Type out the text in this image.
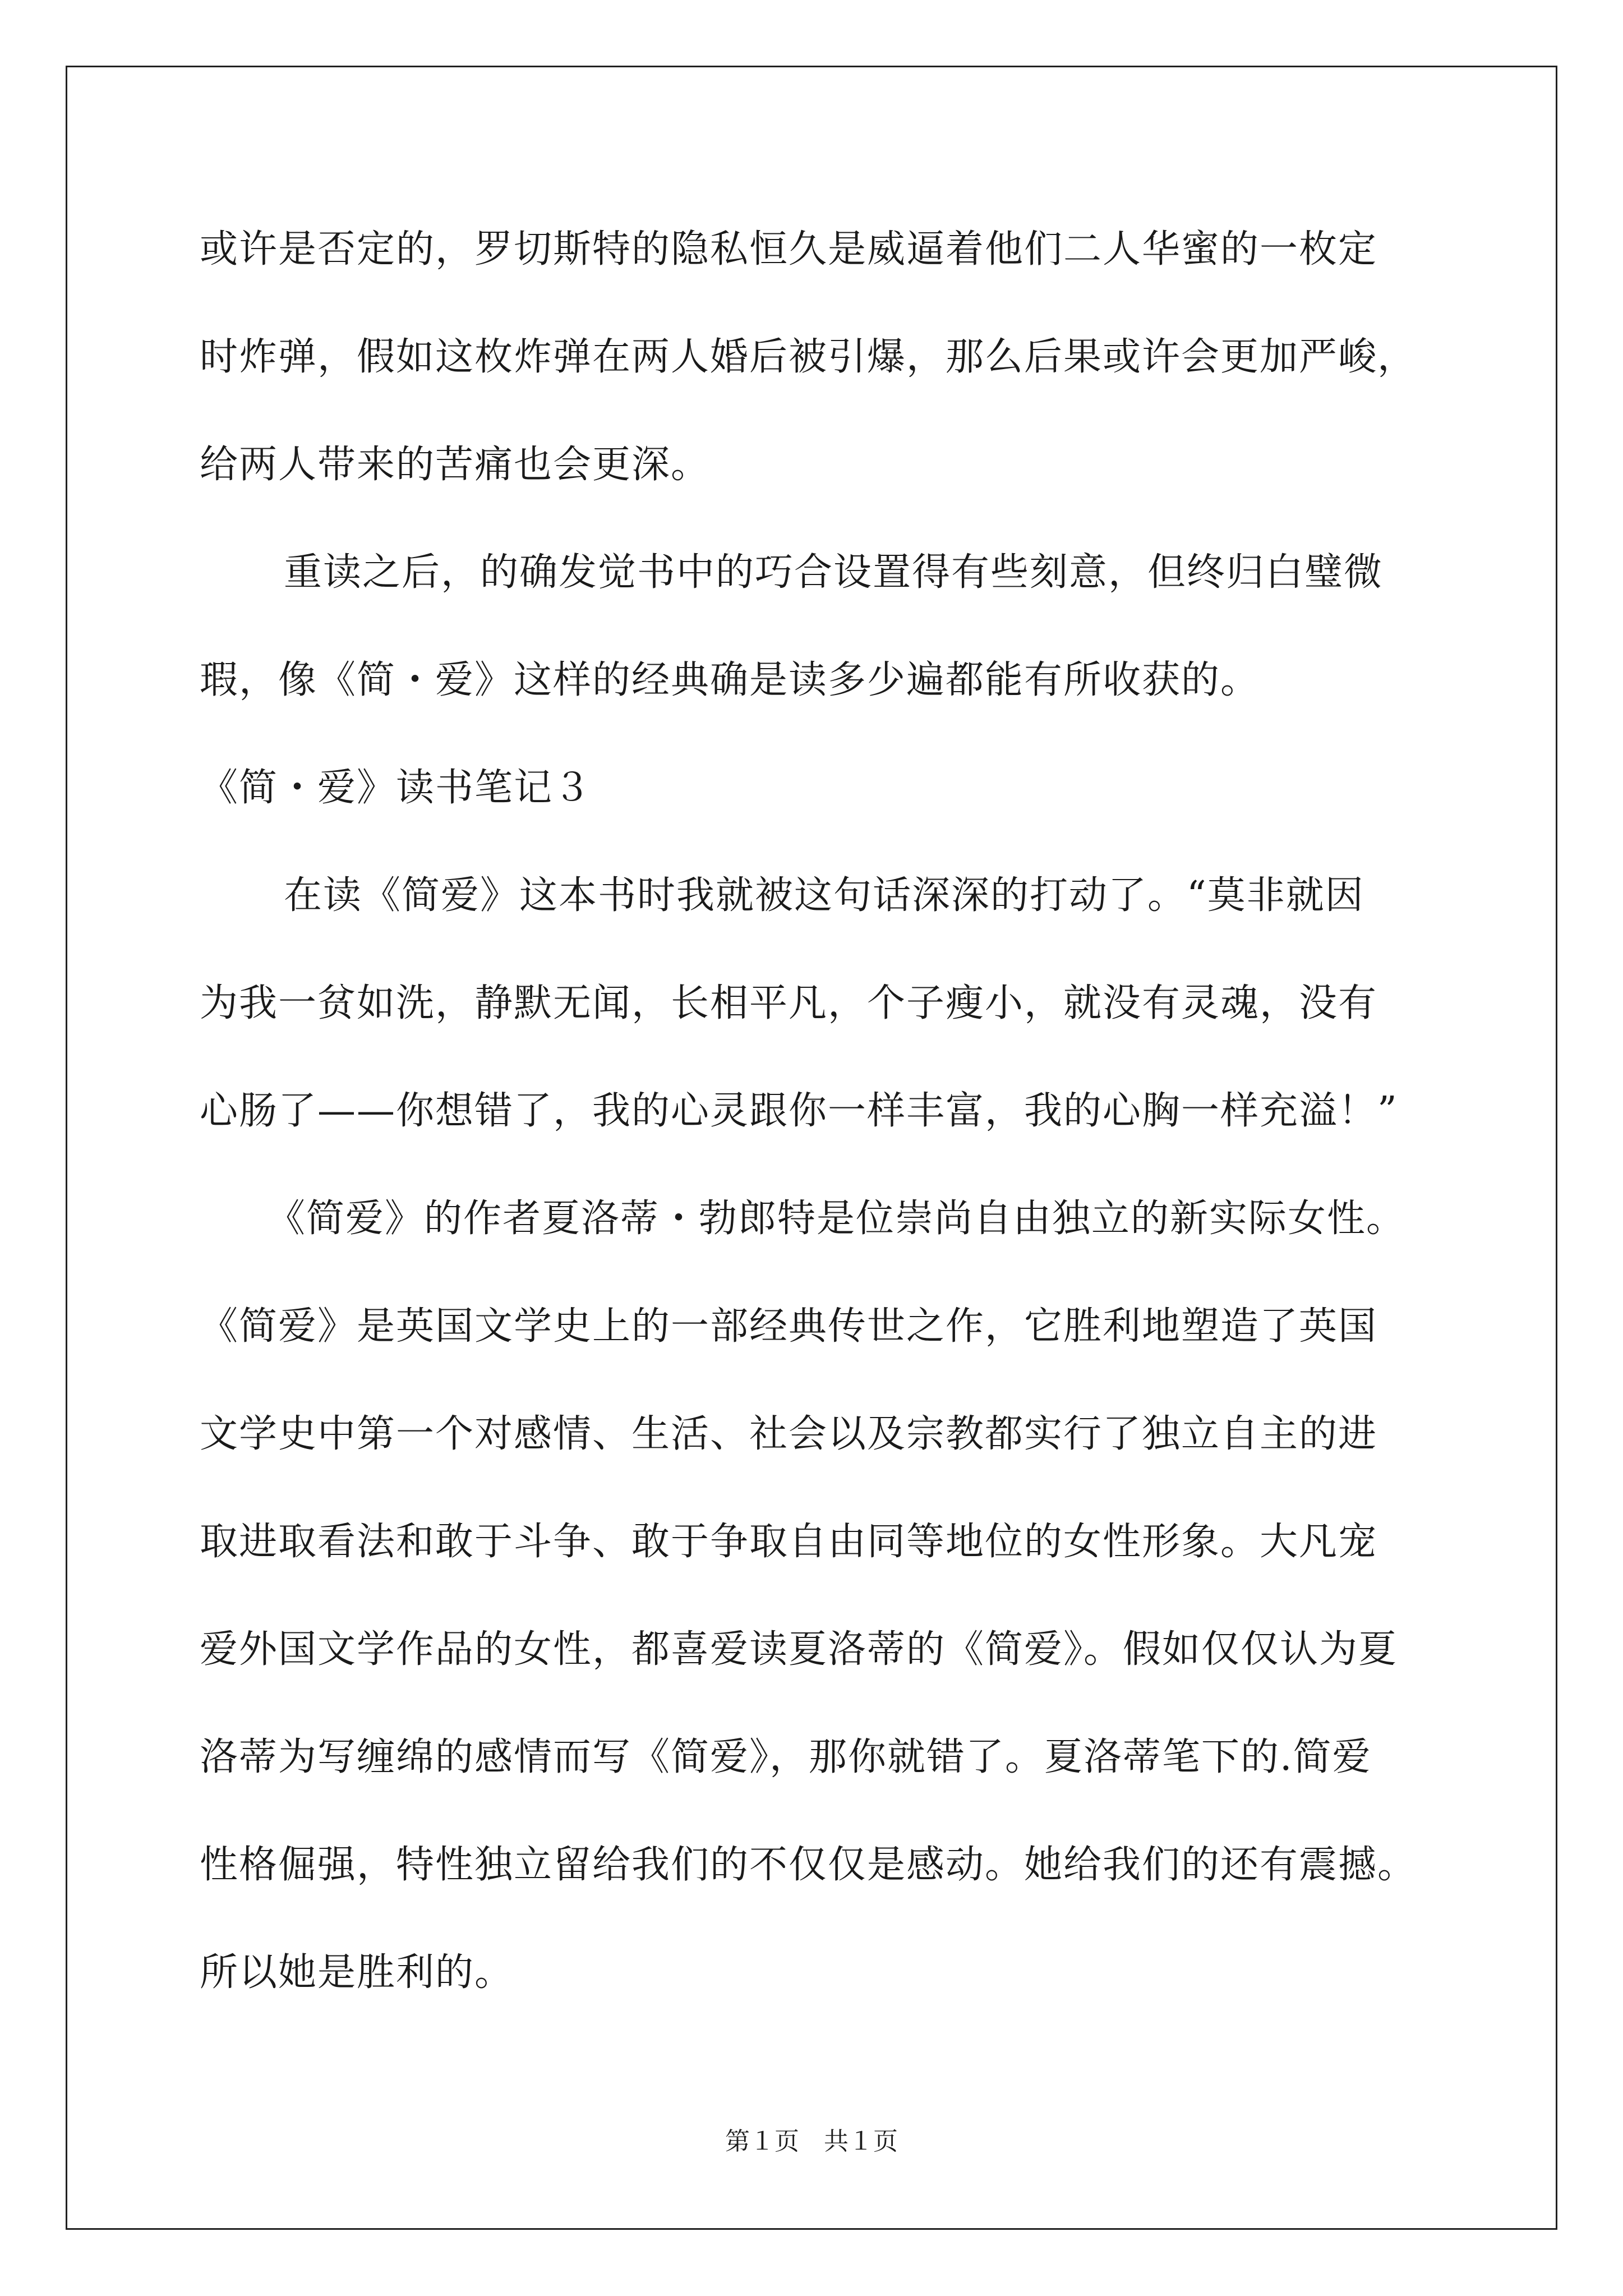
或许是否定的，罗切斯特的隐私恒久是威逼着他们二人华蜜的一枚定
时炸弹，假如这枚炸弹在两人婚后被引爆，那么后果或许会更加严峻，
给两人带来的苦痛也会更深。
重读之后，的确发觉书中的巧合设置得有些刻意，但终归白璧微
瑕，像《简・爱》这样的经典确是读多少遍都能有所收获的。
《简・爱》读书笔记３
在读《简爱》这本书时我就被这句话深深的打动了。“莫非就因
为我一贫如洗，静默无闻，长相平凡，个子瘦小，就没有灵魂，没有
心肠了——你想错了，我的心灵跟你一样丰富，我的心胸一样充溢！”
《简爱》的作者夏洛蒂・勃郎特是位崇尚自由独立的新实际女性。
《简爱》是英国文学史上的一部经典传世之作，它胜利地塑造了英国
文学史中第一个对感情、生活、社会以及宗教都实行了独立自主的进
取进取看法和敢于斗争、敢于争取自由同等地位的女性形象。大凡宠
爱外国文学作品的女性，都喜爱读夏洛蒂的《简爱》。假如仅仅认为夏
洛蒂为写缠绵的感情而写《简爱》，那你就错了。夏洛蒂笔下的.简爱
性格倔强，特性独立留给我们的不仅仅是感动。她给我们的还有震撼。
所以她是胜利的。
第１页　共１页
